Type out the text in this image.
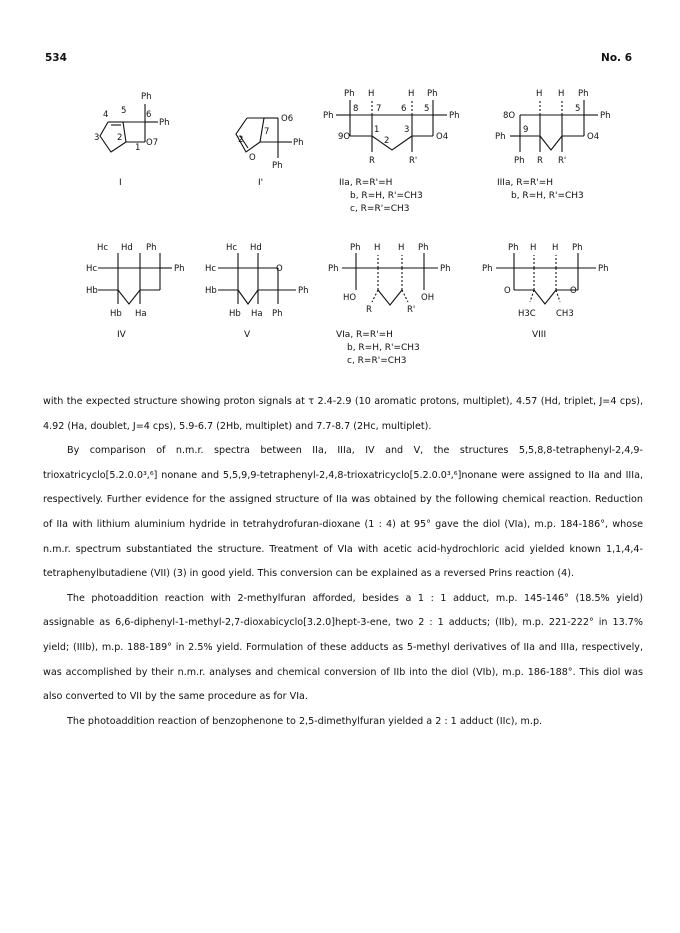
534	No. 6
Ph
Ph
4 5 6
3 2
1 O7
I
O6
7
2	Ph
Ph
O
I'
Ph H	H Ph
Ph
8 7 6 5
Ph
9O
1
2
3
O4
R	R'
IIa, R=R'=H
b, R=H, R'=CH3
c, R=R'=CH3
H H Ph
8O
5
Ph
Ph
9
O4
Ph R R'
IIIa, R=R'=H
b, R=H, R'=CH3
Hc Hd Ph
Hc	Ph
Hb
Hb Ha
IV
Hc Hd
Hc	O
Hb	Ph
Hb Ha Ph
V
Ph H H Ph
Ph	Ph
HO	OH
R	R'
VIa, R=R'=H
b, R=H, R'=CH3
c, R=R'=CH3
Ph H H Ph
Ph	Ph
O	O
H3C CH3
VIII

with the expected structure showing proton signals at τ 2.4-2.9 (10 aromatic protons, multiplet), 4.57 (Hd, triplet, J=4 cps), 4.92 (Ha, doublet, J=4 cps), 5.9-6.7 (2Hb, multiplet) and 7.7-8.7 (2Hc, multiplet).

By comparison of n.m.r. spectra between IIa, IIIa, IV and V, the structures 5,5,8,8-tetraphenyl-2,4,9-trioxatricyclo[5.2.0.0³,⁶] nonane and 5,5,9,9-tetraphenyl-2,4,8-trioxatricyclo[5.2.0.0³,⁶]nonane were assigned to IIa and IIIa, respectively. Further evidence for the assigned structure of IIa was obtained by the following chemical reaction. Reduction of IIa with lithium aluminium hydride in tetrahydrofuran-dioxane (1 : 4) at 95° gave the diol (VIa), m.p. 184-186°, whose n.m.r. spectrum substantiated the structure. Treatment of VIa with acetic acid-hydrochloric acid yielded known 1,1,4,4-tetraphenylbutadiene (VII) (3) in good yield. This conversion can be explained as a reversed Prins reaction (4).

The photoaddition reaction with 2-methylfuran afforded, besides a 1 : 1 adduct, m.p. 145-146° (18.5% yield) assignable as 6,6-diphenyl-1-methyl-2,7-dioxabicyclo[3.2.0]hept-3-ene, two 2 : 1 adducts; (IIb), m.p. 221-222° in 13.7% yield; (IIIb), m.p. 188-189° in 2.5% yield. Formulation of these adducts as 5-methyl derivatives of IIa and IIIa, respectively, was accomplished by their n.m.r. analyses and chemical conversion of IIb into the diol (VIb), m.p. 186-188°. This diol was also converted to VII by the same procedure as for VIa.

The photoaddition reaction of benzophenone to 2,5-dimethylfuran yielded a 2 : 1 adduct (IIc), m.p.
